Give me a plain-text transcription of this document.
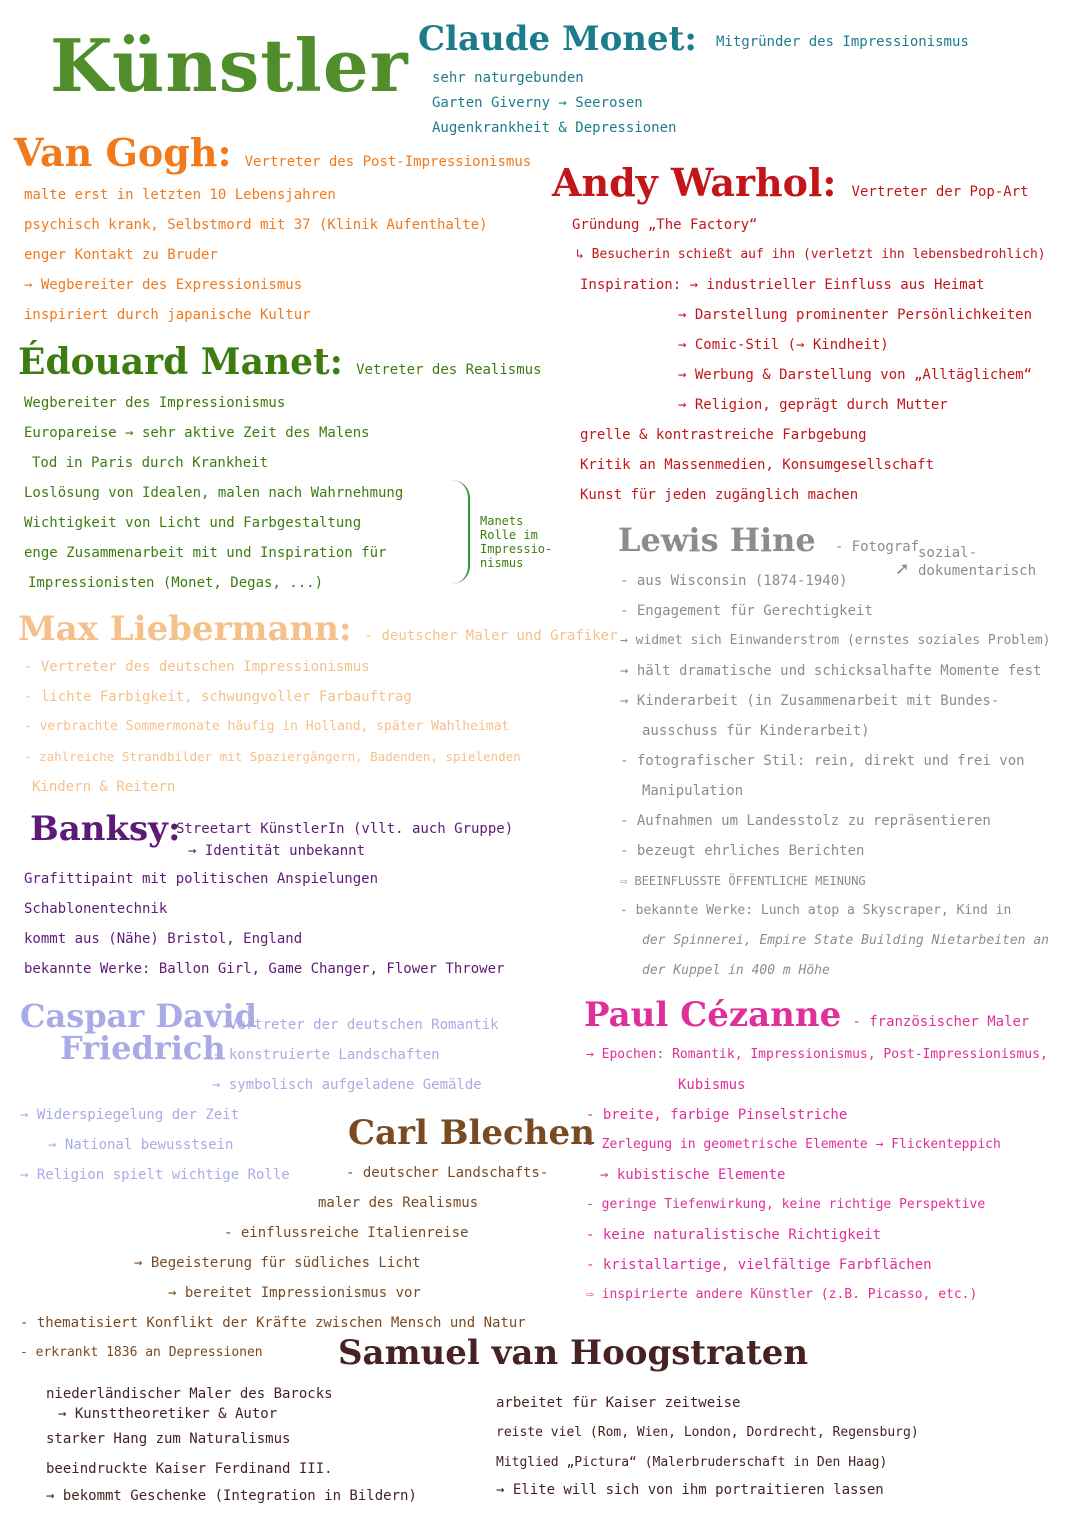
Künstler Claude Monet: Mitgründer des Impressionismus
sehr naturgebunden
Garten Giverny → Seerosen
Augenkrankheit & Depressionen
Van Gogh: Vertreter des Post-Impressionismus
malte erst in letzten 10 Lebensjahren
psychisch krank, Selbstmord mit 37 (Klinik Aufenthalte)
enger Kontakt zu Bruder
→ Wegbereiter des Expressionismus
inspiriert durch japanische Kultur
Andy Warhol: Vertreter der Pop-Art
Gründung „The Factory“
↳ Besucherin schießt auf ihn (verletzt ihn lebensbedrohlich)
Inspiration: → industrieller Einfluss aus Heimat
→ Darstellung prominenter Persönlichkeiten
→ Comic-Stil (→ Kindheit)
→ Werbung & Darstellung von „Alltäglichem“
→ Religion, geprägt durch Mutter
grelle & kontrastreiche Farbgebung
Kritik an Massenmedien, Konsumgesellschaft
Kunst für jeden zugänglich machen
Édouard Manet: Vetreter des Realismus
Wegbereiter des Impressionismus
Europareise → sehr aktive Zeit des Malens
Tod in Paris durch Krankheit
Loslösung von Idealen, malen nach Wahrnehmung
Wichtigkeit von Licht und Farbgestaltung
enge Zusammenarbeit mit und Inspiration für
Impressionisten (Monet, Degas, ...)
Manets Rolle im Impressio-nismus
Lewis Hine - Fotograf
➚
sozial-dokumentarisch
- aus Wisconsin (1874-1940)
- Engagement für Gerechtigkeit
→ widmet sich Einwanderstrom (ernstes soziales Problem)
→ hält dramatische und schicksalhafte Momente fest
→ Kinderarbeit (in Zusammenarbeit mit Bundes-
ausschuss für Kinderarbeit)
- fotografischer Stil: rein, direkt und frei von
Manipulation
- Aufnahmen um Landesstolz zu repräsentieren
- bezeugt ehrliches Berichten
⇨ BEEINFLUSSTE ÖFFENTLICHE MEINUNG
- bekannte Werke: Lunch atop a Skyscraper, Kind in
der Spinnerei, Empire State Building Nietarbeiten an
der Kuppel in 400 m Höhe
Max Liebermann: - deutscher Maler und Grafiker
- Vertreter des deutschen Impressionismus
- lichte Farbigkeit, schwungvoller Farbauftrag
- verbrachte Sommermonate häufig in Holland, später Wahlheimat
- zahlreiche Strandbilder mit Spaziergängern, Badenden, spielenden
Kindern & Reitern
Banksy:
Streetart KünstlerIn (vllt. auch Gruppe)
→ Identität unbekannt
Grafittipaint mit politischen Anspielungen
Schablonentechnik
kommt aus (Nähe) Bristol, England
bekannte Werke: Ballon Girl, Game Changer, Flower Thrower
Caspar David
Friedrich
- Vertreter der deutschen Romantik
- konstruierte Landschaften
→ symbolisch aufgeladene Gemälde
→ Widerspiegelung der Zeit
→ National bewusstsein
→ Religion spielt wichtige Rolle
Paul Cézanne - französischer Maler
→ Epochen: Romantik, Impressionismus, Post-Impressionismus,
Kubismus
- breite, farbige Pinselstriche
- Zerlegung in geometrische Elemente → Flickenteppich
→ kubistische Elemente
- geringe Tiefenwirkung, keine richtige Perspektive
- keine naturalistische Richtigkeit
- kristallartige, vielfältige Farbflächen
⇨ inspirierte andere Künstler (z.B. Picasso, etc.)
Carl Blechen
- deutscher Landschafts-
maler des Realismus
- einflussreiche Italienreise
→ Begeisterung für südliches Licht
→ bereitet Impressionismus vor
- thematisiert Konflikt der Kräfte zwischen Mensch und Natur
- erkrankt 1836 an Depressionen	Samuel van Hoogstraten
niederländischer Maler des Barocks
→ Kunsttheoretiker & Autor
starker Hang zum Naturalismus
beeindruckte Kaiser Ferdinand III.
→ bekommt Geschenke (Integration in Bildern)
arbeitet für Kaiser zeitweise
reiste viel (Rom, Wien, London, Dordrecht, Regensburg)
Mitglied „Pictura“ (Malerbruderschaft in Den Haag)
→ Elite will sich von ihm portraitieren lassen
